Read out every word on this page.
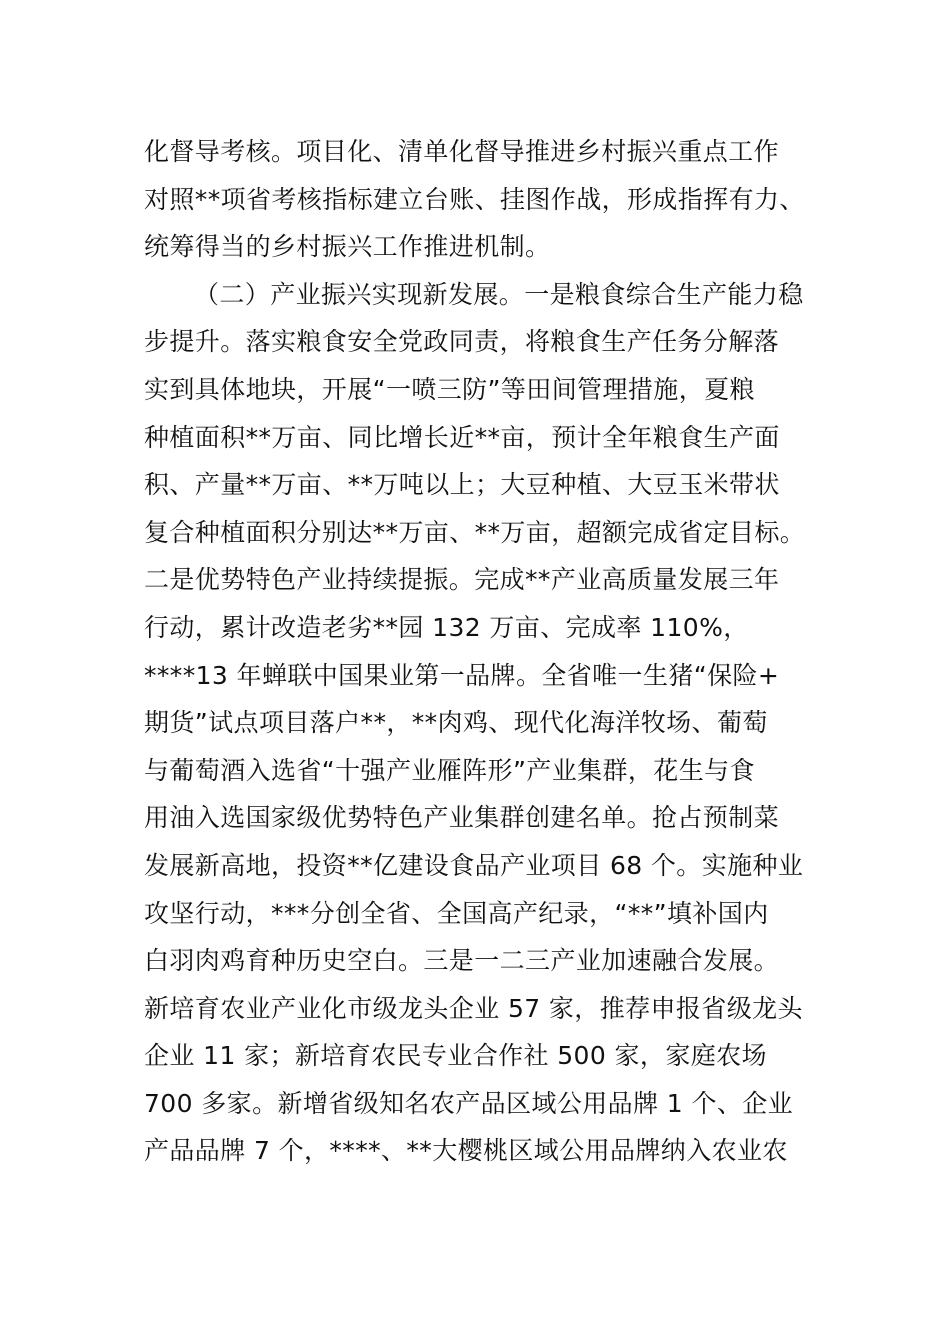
化督导考核。项目化、清单化督导推进乡村振兴重点工作
对照**项省考核指标建立台账、挂图作战，形成指挥有力、
统筹得当的乡村振兴工作推进机制。
（二）产业振兴实现新发展。一是粮食综合生产能力稳
步提升。落实粮食安全党政同责，将粮食生产任务分解落
实到具体地块，开展“一喷三防”等田间管理措施，夏粮
种植面积**万亩、同比增长近**亩，预计全年粮食生产面
积、产量**万亩、**万吨以上；大豆种植、大豆玉米带状
复合种植面积分别达**万亩、**万亩，超额完成省定目标。
二是优势特色产业持续提振。完成**产业高质量发展三年
行动，累计改造老劣**园 132 万亩、完成率 110%，
****13 年蝉联中国果业第一品牌。全省唯一生猪“保险+
期货”试点项目落户**，**肉鸡、现代化海洋牧场、葡萄
与葡萄酒入选省“十强产业雁阵形”产业集群，花生与食
用油入选国家级优势特色产业集群创建名单。抢占预制菜
发展新高地，投资**亿建设食品产业项目 68 个。实施种业
攻坚行动，***分创全省、全国高产纪录，“**”填补国内
白羽肉鸡育种历史空白。三是一二三产业加速融合发展。
新培育农业产业化市级龙头企业 57 家，推荐申报省级龙头
企业 11 家；新培育农民专业合作社 500 家，家庭农场
700 多家。新增省级知名农产品区域公用品牌 1 个、企业
产品品牌 7 个，****、**大樱桃区域公用品牌纳入农业农
